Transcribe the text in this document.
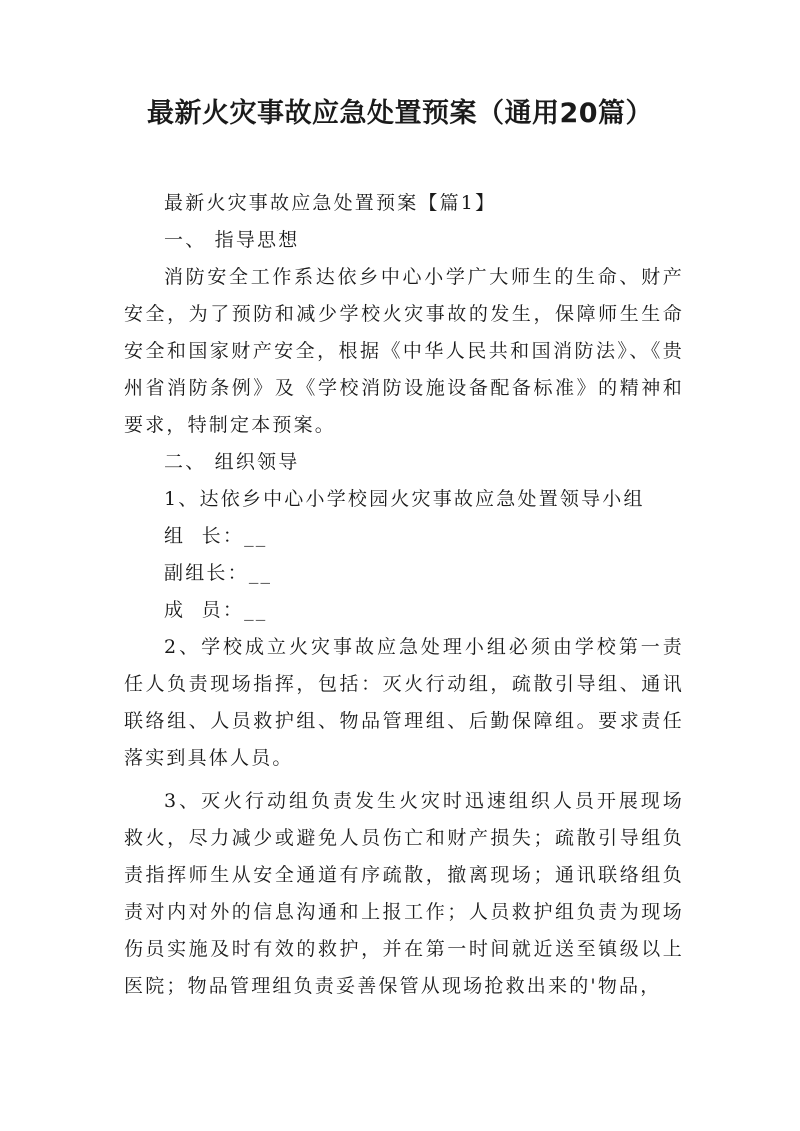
最新火灾事故应急处置预案（通用20篇）

最新火灾事故应急处置预案【篇1】

一、 指导思想

消防安全工作系达依乡中心小学广大师生的生命、财产安全，为了预防和减少学校火灾事故的发生，保障师生生命安全和国家财产安全，根据《中华人民共和国消防法》、《贵州省消防条例》及《学校消防设施设备配备标准》的精神和要求，特制定本预案。

二、 组织领导

1、达依乡中心小学校园火灾事故应急处置领导小组

组  长：__

副组长：__

成  员：__

2、学校成立火灾事故应急处理小组必须由学校第一责任人负责现场指挥，包括：灭火行动组，疏散引导组、通讯联络组、人员救护组、物品管理组、后勤保障组。要求责任落实到具体人员。

3、灭火行动组负责发生火灾时迅速组织人员开展现场救火，尽力减少或避免人员伤亡和财产损失；疏散引导组负责指挥师生从安全通道有序疏散，撤离现场；通讯联络组负责对内对外的信息沟通和上报工作；人员救护组负责为现场伤员实施及时有效的救护，并在第一时间就近送至镇级以上医院；物品管理组负责妥善保管从现场抢救出来的'物品，
